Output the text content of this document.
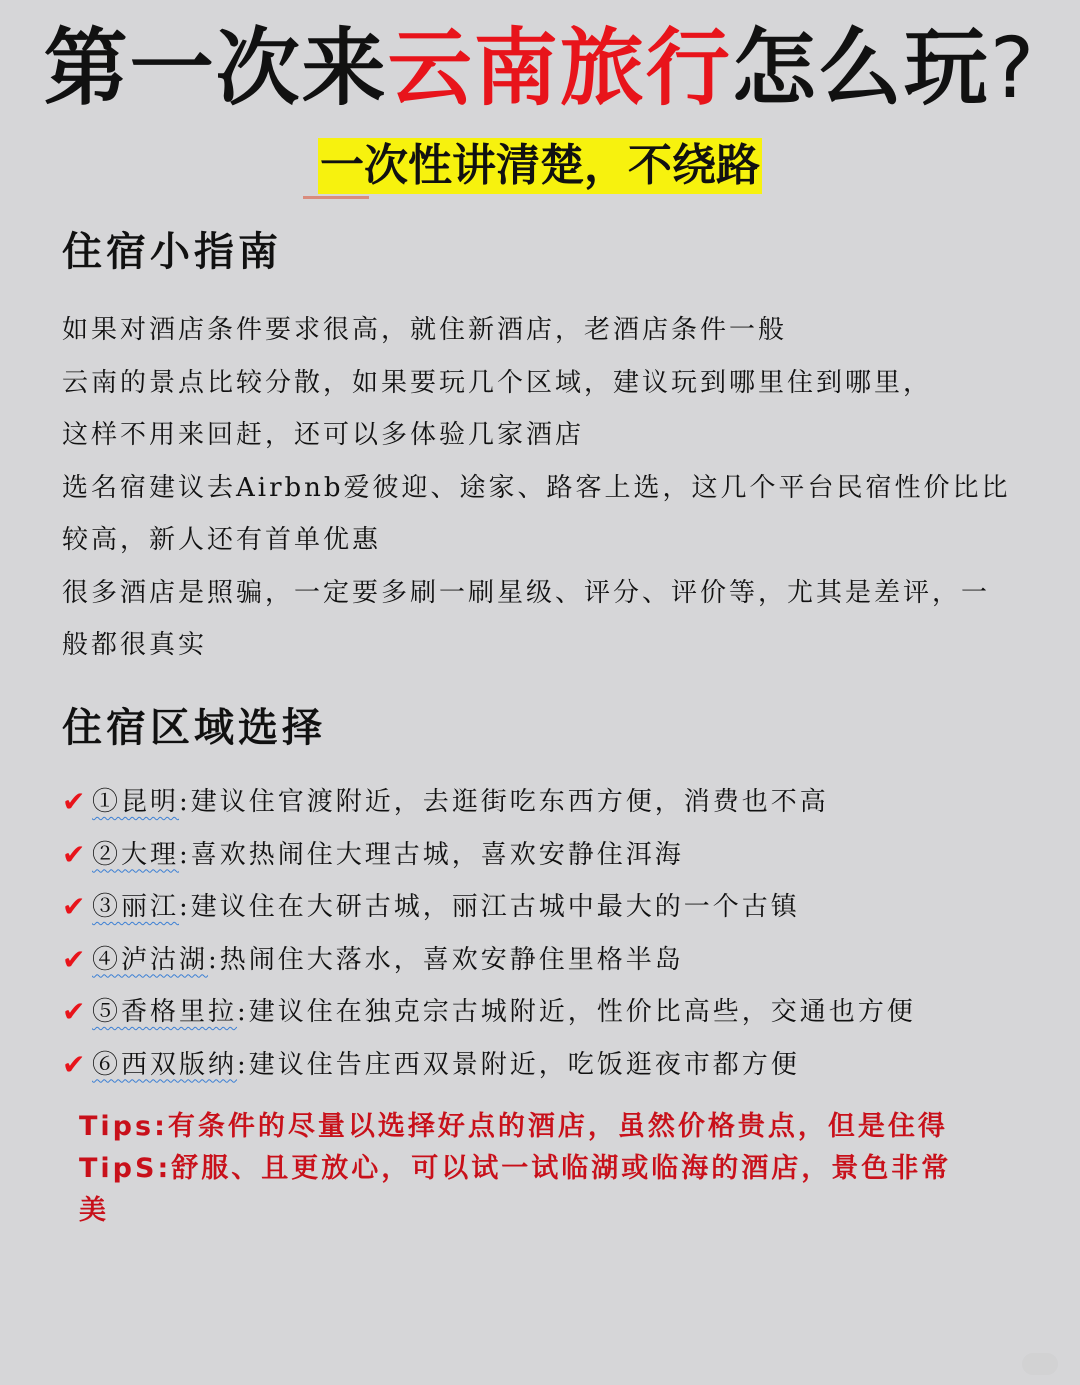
第一次来云南旅行怎么玩?
一次性讲清楚，不绕路
住宿小指南
如果对酒店条件要求很高，就住新酒店，老酒店条件一般
云南的景点比较分散，如果要玩几个区域，建议玩到哪里住到哪里，
这样不用来回赶，还可以多体验几家酒店
选名宿建议去Airbnb爱彼迎、途家、路客上选，这几个平台民宿性价比比
较高，新人还有首单优惠
很多酒店是照骗，一定要多刷一刷星级、评分、评价等，尤其是差评，一
般都很真实
住宿区域选择
✔ ①昆明 :建议住官渡附近，去逛街吃东西方便，消费也不高
✔ ②大理 :喜欢热闹住大理古城，喜欢安静住洱海
✔ ③丽江 :建议住在大研古城，丽江古城中最大的一个古镇
✔ ④泸沽湖 :热闹住大落水，喜欢安静住里格半岛
✔ ⑤香格里拉 :建议住在独克宗古城附近，性价比高些，交通也方便
✔ ⑥西双版纳 :建议住告庄西双景附近，吃饭逛夜市都方便
Tips:有条件的尽量以选择好点的酒店，虽然价格贵点，但是住得
TipS:舒服、且更放心，可以试一试临湖或临海的酒店，景色非常
美
